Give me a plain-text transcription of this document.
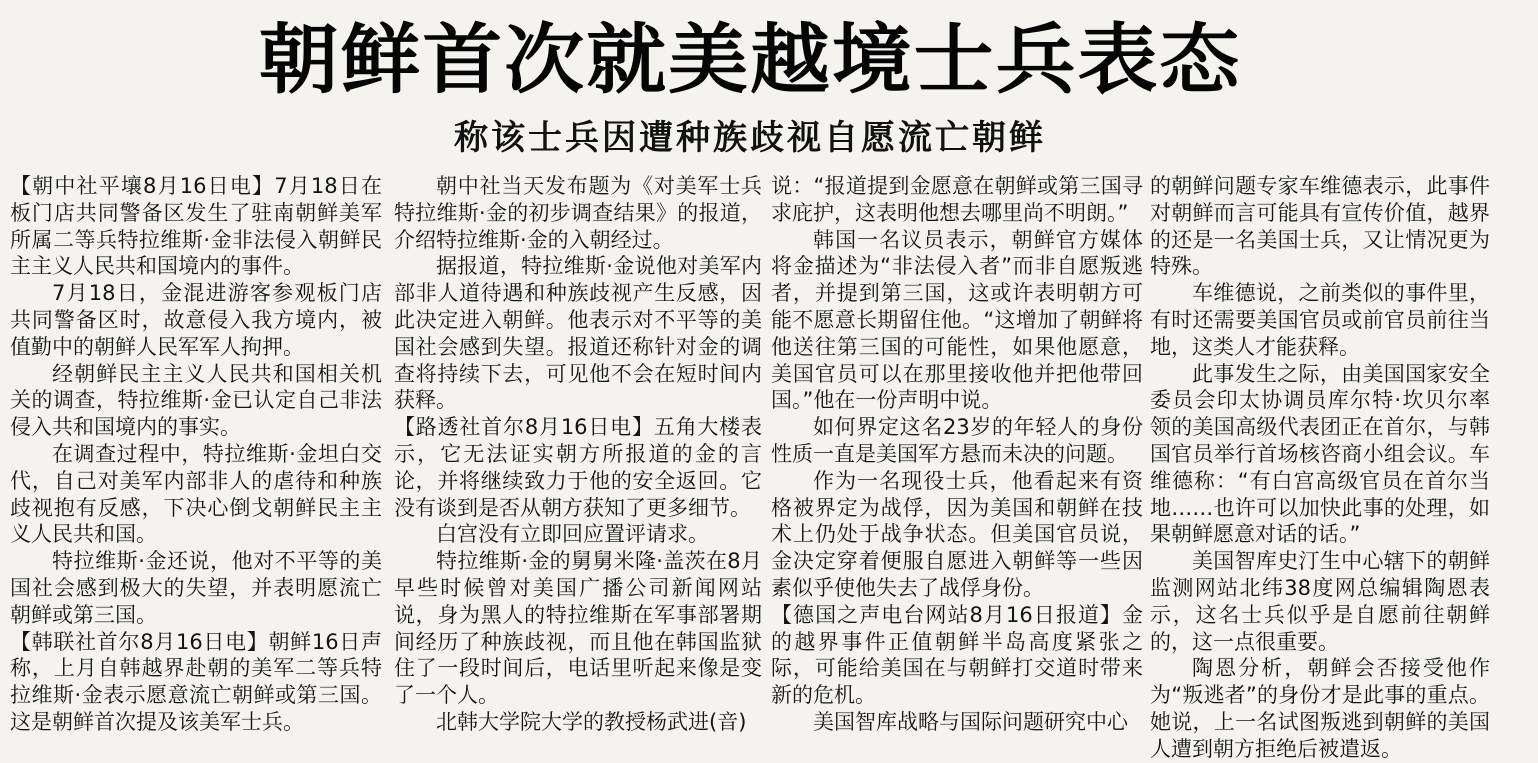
朝鲜首次就美越境士兵表态
称该士兵因遭种族歧视自愿流亡朝鲜

【朝中社平壤8月16日电】7月18日在板门店共同警备区发生了驻南朝鲜美军所属二等兵特拉维斯·金非法侵入朝鲜民主主义人民共和国境内的事件。

7月18日，金混进游客参观板门店共同警备区时，故意侵入我方境内，被值勤中的朝鲜人民军军人拘押。

经朝鲜民主主义人民共和国相关机关的调查，特拉维斯·金已认定自己非法侵入共和国境内的事实。

在调查过程中，特拉维斯·金坦白交代，自己对美军内部非人的虐待和种族歧视抱有反感，下决心倒戈朝鲜民主主义人民共和国。

特拉维斯·金还说，他对不平等的美国社会感到极大的失望，并表明愿流亡朝鲜或第三国。

【韩联社首尔8月16日电】朝鲜16日声称，上月自韩越界赴朝的美军二等兵特拉维斯·金表示愿意流亡朝鲜或第三国。这是朝鲜首次提及该美军士兵。

朝中社当天发布题为《对美军士兵特拉维斯·金的初步调查结果》的报道，介绍特拉维斯·金的入朝经过。

据报道，特拉维斯·金说他对美军内部非人道待遇和种族歧视产生反感，因此决定进入朝鲜。他表示对不平等的美国社会感到失望。报道还称针对金的调查将持续下去，可见他不会在短时间内获释。

【路透社首尔8月16日电】五角大楼表示，它无法证实朝方所报道的金的言论，并将继续致力于他的安全返回。它没有谈到是否从朝方获知了更多细节。

白宫没有立即回应置评请求。

特拉维斯·金的舅舅米隆·盖茨在8月早些时候曾对美国广播公司新闻网站说，身为黑人的特拉维斯在军事部署期间经历了种族歧视，而且他在韩国监狱住了一段时间后，电话里听起来像是变了一个人。

北韩大学院大学的教授杨武进(音)

说：“报道提到金愿意在朝鲜或第三国寻求庇护，这表明他想去哪里尚不明朗。”

韩国一名议员表示，朝鲜官方媒体将金描述为“非法侵入者”而非自愿叛逃者，并提到第三国，这或许表明朝方可能不愿意长期留住他。“这增加了朝鲜将他送往第三国的可能性，如果他愿意，美国官员可以在那里接收他并把他带回国。”他在一份声明中说。

如何界定这名23岁的年轻人的身份性质一直是美国军方悬而未决的问题。

作为一名现役士兵，他看起来有资格被界定为战俘，因为美国和朝鲜在技术上仍处于战争状态。但美国官员说，金决定穿着便服自愿进入朝鲜等一些因素似乎使他失去了战俘身份。

【德国之声电台网站8月16日报道】金的越界事件正值朝鲜半岛高度紧张之际，可能给美国在与朝鲜打交道时带来新的危机。

美国智库战略与国际问题研究中心

的朝鲜问题专家车维德表示，此事件对朝鲜而言可能具有宣传价值，越界的还是一名美国士兵，又让情况更为特殊。

车维德说，之前类似的事件里，有时还需要美国官员或前官员前往当地，这类人才能获释。

此事发生之际，由美国国家安全委员会印太协调员库尔特·坎贝尔率领的美国高级代表团正在首尔，与韩国官员举行首场核咨商小组会议。车维德称：“有白宫高级官员在首尔当地……也许可以加快此事的处理，如果朝鲜愿意对话的话。”

美国智库史汀生中心辖下的朝鲜监测网站北纬38度网总编辑陶恩表示，这名士兵似乎是自愿前往朝鲜的，这一点很重要。

陶恩分析，朝鲜会否接受他作为“叛逃者”的身份才是此事的重点。她说，上一名试图叛逃到朝鲜的美国人遭到朝方拒绝后被遣返。
